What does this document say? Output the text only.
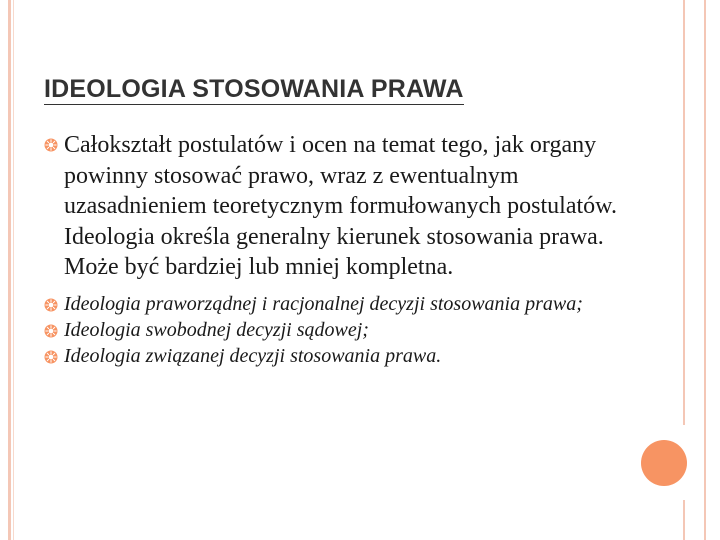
IDEOLOGIA STOSOWANIA PRAWA

Całokształt postulatów i ocen na temat tego, jak organy powinny stosować prawo, wraz z ewentualnym uzasadnieniem teoretycznym formułowanych postulatów. Ideologia określa generalny kierunek stosowania prawa. Może być bardziej lub mniej kompletna.

Ideologia praworządnej i racjonalnej decyzji stosowania prawa;

Ideologia swobodnej decyzji sądowej;

Ideologia związanej decyzji stosowania prawa.
